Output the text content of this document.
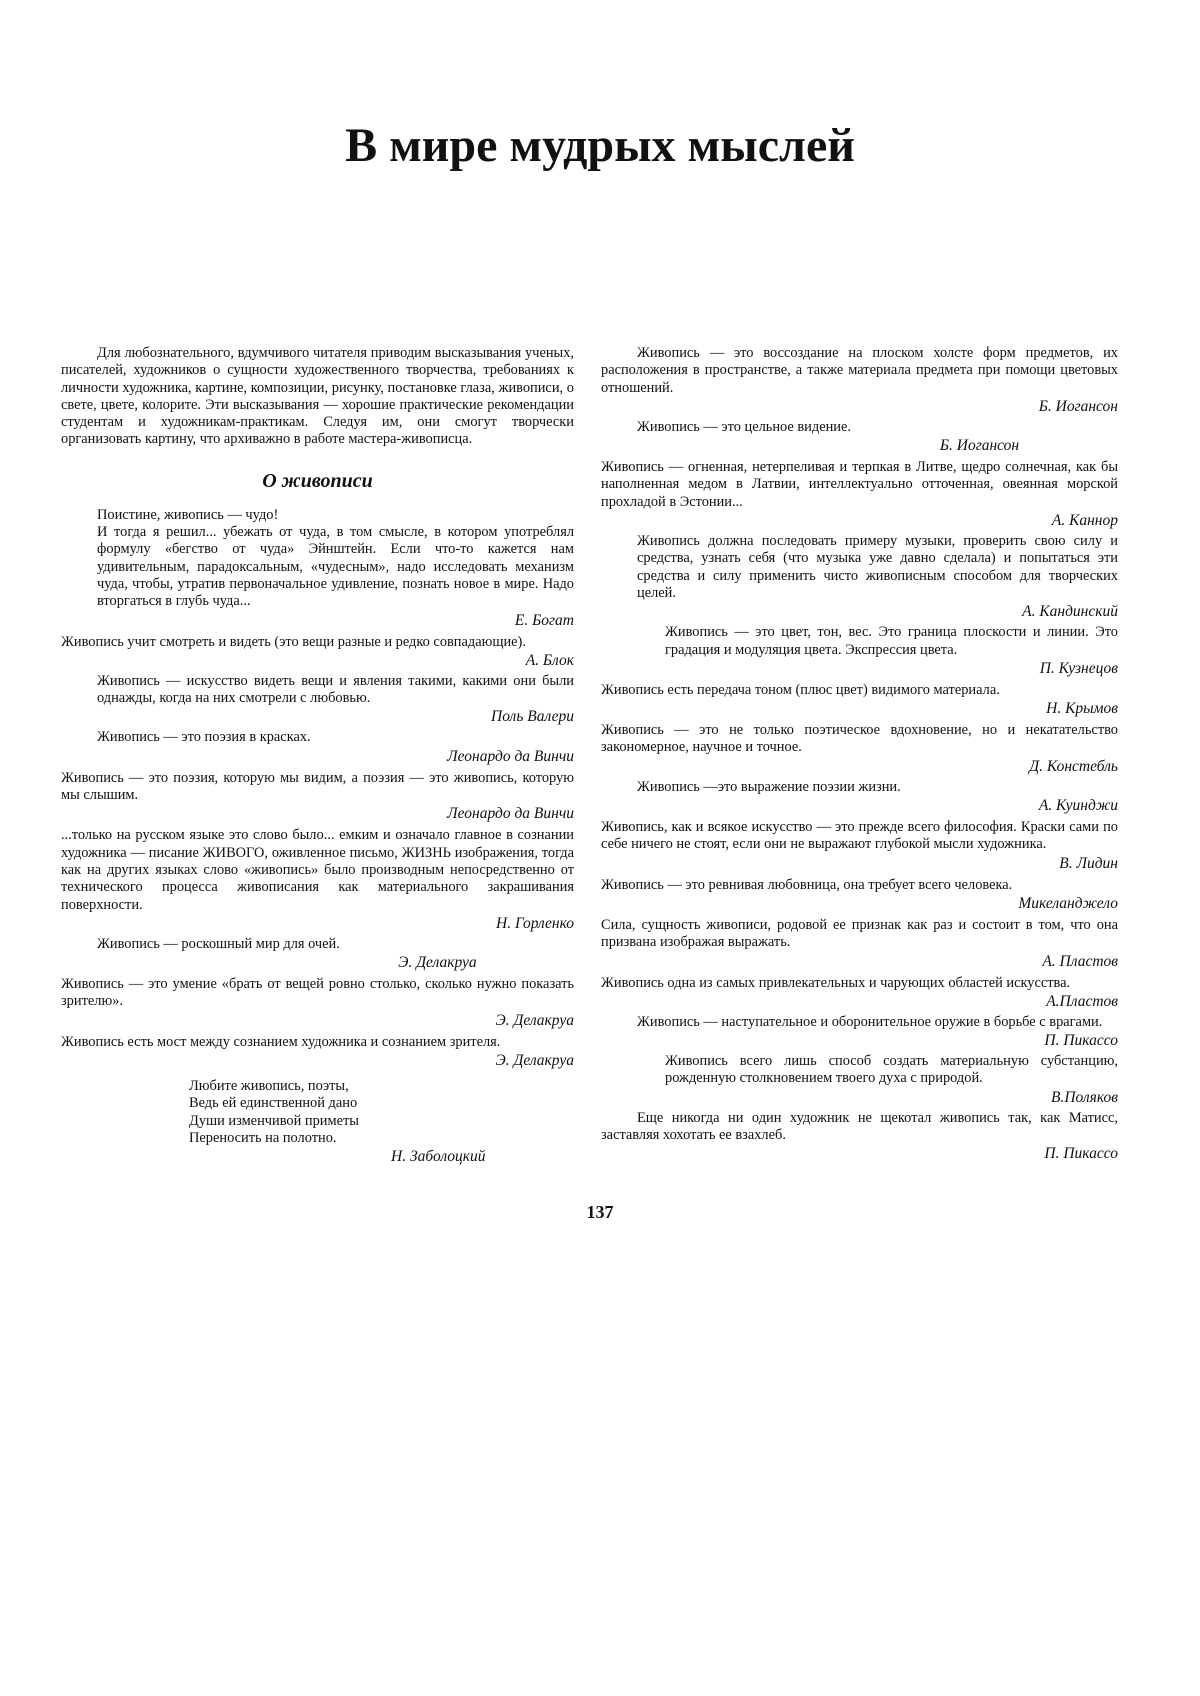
В мире мудрых мыслей

Для любознательного, вдумчивого читателя приводим высказывания ученых, писателей, художников о сущности художественного творчества, требованиях к личности художника, картине, композиции, рисунку, постановке глаза, живописи, о свете, цвете, колорите. Эти высказывания — хорошие практические рекомендации студентам и художникам-практикам. Следуя им, они смогут творчески организовать картину, что архиважно в работе мастера-живописца.

О живописи

Поистине, живопись — чудо!
И тогда я решил... убежать от чуда, в том смысле, в котором употреблял формулу «бегство от чуда» Эйнштейн. Если что-то кажется нам удивительным, парадоксальным, «чудесным», надо исследовать механизм чуда, чтобы, утратив первоначальное удивление, познать новое в мире. Надо вторгаться в глубь чуда...

Е. Богат

Живопись учит смотреть и видеть (это вещи разные и редко совпадающие).

А. Блок

Живопись — искусство видеть вещи и явления такими, какими они были однажды, когда на них смотрели с любовью.

Поль Валери

Живопись — это поэзия в красках.

Леонардо да Винчи

Живопись — это поэзия, которую мы видим, а поэзия — это живопись, которую мы слышим.

Леонардо да Винчи

...только на русском языке это слово было... емким и означало главное в сознании художника — писание ЖИВОГО, оживленное письмо, ЖИЗНЬ изображения, тогда как на других языках слово «живопись» было производным непосредственно от технического процесса живописания как материального закрашивания поверхности.

Н. Горленко

Живопись — роскошный мир для очей.

Э. Делакруа

Живопись — это умение «брать от вещей ровно столько, сколько нужно показать зрителю».

Э. Делакруа

Живопись есть мост между сознанием художника и сознанием зрителя.

Э. Делакруа
Любите живопись, поэты,
Ведь ей единственной дано
Души изменчивой приметы
Переносить на полотно.
Н. Заболоцкий

Живопись — это воссоздание на плоском холсте форм предметов, их расположения в пространстве, а также материала предмета при помощи цветовых отношений.

Б. Иогансон

Живопись — это цельное видение.

Б. Иогансон

Живопись — огненная, нетерпеливая и терпкая в Литве, щедро солнечная, как бы наполненная медом в Латвии, интеллектуально отточенная, овеянная морской прохладой в Эстонии...

А. Каннор

Живопись должна последовать примеру музыки, проверить свою силу и средства, узнать себя (что музыка уже давно сделала) и попытаться эти средства и силу применить чисто живописным способом для творческих целей.

А. Кандинский

Живопись — это цвет, тон, вес. Это граница плоскости и линии. Это градация и модуляция цвета. Экспрессия цвета.

П. Кузнецов

Живопись есть передача тоном (плюс цвет) видимого материала.

Н. Крымов

Живопись — это не только поэтическое вдохновение, но и некатательство закономерное, научное и точное.

Д. Констебль

Живопись —это выражение поэзии жизни.

А. Куинджи

Живопись, как и всякое искусство — это прежде всего философия. Краски сами по себе ничего не стоят, если они не выражают глубокой мысли художника.

В. Лидин

Живопись — это ревнивая любовница, она требует всего человека.

Микеланджело

Сила, сущность живописи, родовой ее признак как раз и состоит в том, что она призвана изображая выражать.

А. Пластов

Живопись одна из самых привлекательных и чарующих областей искусства.

А.Пластов

Живопись — наступательное и оборонительное оружие в борьбе с врагами.

П. Пикассо

Живопись всего лишь способ создать материальную субстанцию, рожденную столкновением твоего духа с природой.

В.Поляков

Еще никогда ни один художник не щекотал живопись так, как Матисс, заставляя хохотать ее взахлеб.

П. Пикассо
137
